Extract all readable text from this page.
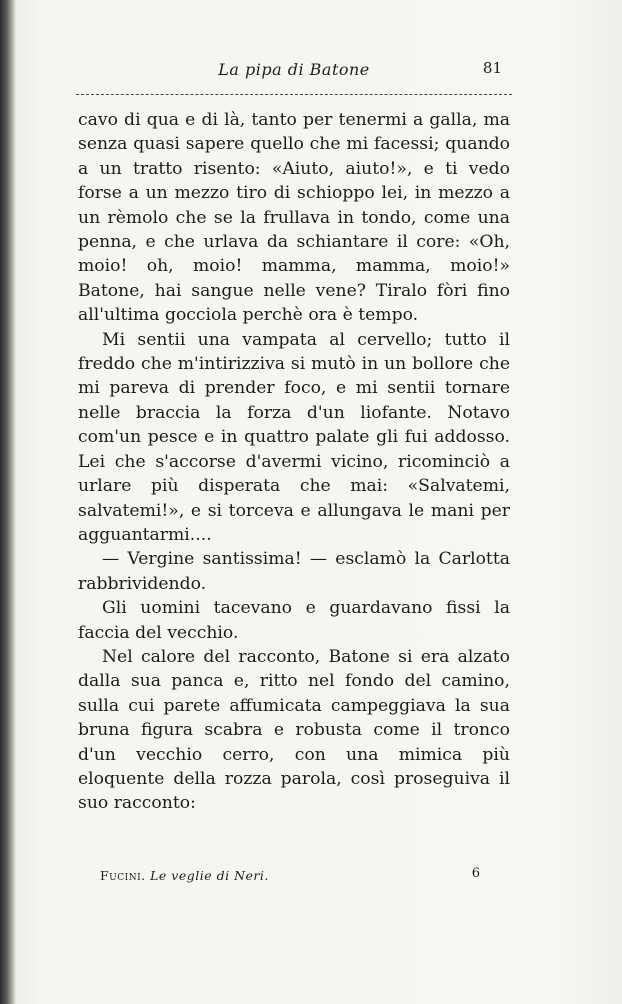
La pipa di Batone	81

cavo di qua e di là, tanto per tenermi a galla, ma senza quasi sapere quello che mi facessi; quando a un tratto risento: «Aiuto, aiuto!», e ti vedo forse a un mezzo tiro di schioppo lei, in mezzo a un rèmolo che se la frullava in tondo, come una penna, e che urlava da schiantare il core: «Oh, moio! oh, moio! mamma, mamma, moio!» Batone, hai sangue nelle vene? Tiralo fòri fino all'ultima gocciola perchè ora è tempo.

Mi sentii una vampata al cervello; tutto il freddo che m'intirizziva si mutò in un bollore che mi pareva di prender foco, e mi sentii tornare nelle braccia la forza d'un liofante. Notavo com'un pesce e in quattro palate gli fui addosso. Lei che s'accorse d'avermi vicino, ricominciò a urlare più disperata che mai: «Salvatemi, salvatemi!», e si torceva e allungava le mani per agguantarmi....

— Vergine santissima! — esclamò la Carlotta rabbrividendo.

Gli uomini tacevano e guardavano fissi la faccia del vecchio.

Nel calore del racconto, Batone si era alzato dalla sua panca e, ritto nel fondo del camino, sulla cui parete affumicata campeggiava la sua bruna figura scabra e robusta come il tronco d'un vecchio cerro, con una mimica più eloquente della rozza parola, così proseguiva il suo racconto:

Fucini. Le veglie di Neri.	6
